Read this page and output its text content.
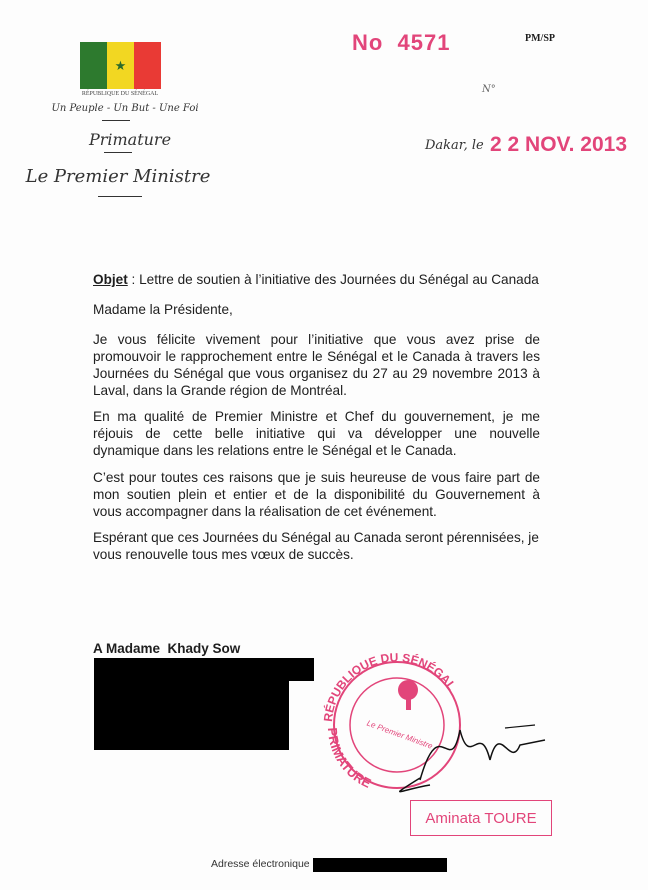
★
RÉPUBLIQUE DU SÉNÉGAL
Un Peuple - Un But - Une Foi
Primature
Le Premier Ministre
No  4571	PM/SP
N°
Dakar, le 2 2 NOV. 2013
Objet : Lettre de soutien à l’initiative des Journées du Sénégal au Canada
Madame la Présidente,
Je vous félicite vivement pour l’initiative que vous avez prise de
promouvoir le rapprochement entre le Sénégal et le Canada à travers les
Journées du Sénégal que vous organisez du 27 au 29 novembre 2013 à
Laval, dans la Grande région de Montréal.
En ma qualité de Premier Ministre et Chef du gouvernement, je me
réjouis de cette belle initiative qui va développer une nouvelle
dynamique dans les relations entre le Sénégal et le Canada.
C’est pour toutes ces raisons que je suis heureuse de vous faire part de
mon soutien plein et entier et de la disponibilité du Gouvernement à
vous accompagner dans la réalisation de cet événement.
Espérant que ces Journées du Sénégal au Canada seront pérennisées, je
vous renouvelle tous mes vœux de succès.
A Madame  Khady Sow
RÉPUBLIQUE DU SÉNÉGAL
PRIMATURE
Le Premier Ministre
Aminata TOURE
Adresse électronique
